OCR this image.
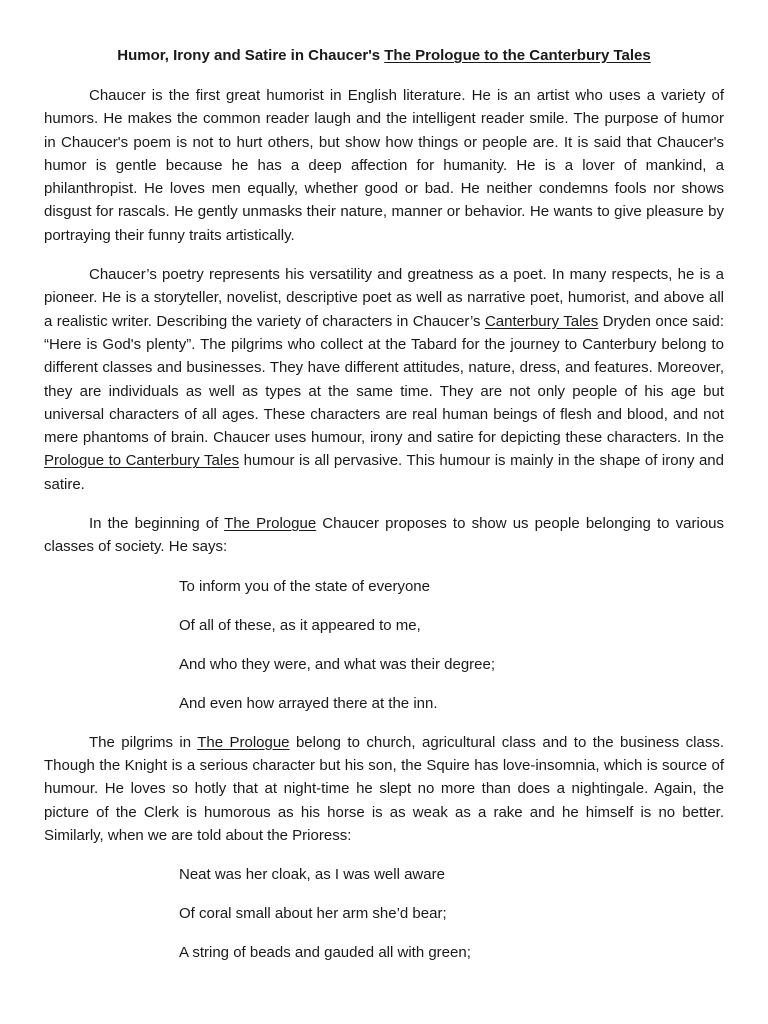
Humor, Irony and Satire in Chaucer's The Prologue to the Canterbury Tales

Chaucer is the first great humorist in English literature. He is an artist who uses a variety of humors. He makes the common reader laugh and the intelligent reader smile. The purpose of humor in Chaucer's poem is not to hurt others, but show how things or people are. It is said that Chaucer's humor is gentle because he has a deep affection for humanity. He is a lover of mankind, a philanthropist. He loves men equally, whether good or bad. He neither condemns fools nor shows disgust for rascals. He gently unmasks their nature, manner or behavior. He wants to give pleasure by portraying their funny traits artistically.

Chaucer’s poetry represents his versatility and greatness as a poet. In many respects, he is a pioneer. He is a storyteller, novelist, descriptive poet as well as narrative poet, humorist, and above all a realistic writer. Describing the variety of characters in Chaucer’s Canterbury Tales Dryden once said: “Here is God's plenty”. The pilgrims who collect at the Tabard for the journey to Canterbury belong to different classes and businesses. They have different attitudes, nature, dress, and features. Moreover, they are individuals as well as types at the same time. They are not only people of his age but universal characters of all ages. These characters are real human beings of flesh and blood, and not mere phantoms of brain. Chaucer uses humour, irony and satire for depicting these characters. In the Prologue to Canterbury Tales humour is all pervasive. This humour is mainly in the shape of irony and satire.

In the beginning of The Prologue Chaucer proposes to show us people belonging to various classes of society. He says:

To inform you of the state of everyone
Of all of these, as it appeared to me,
And who they were, and what was their degree;
And even how arrayed there at the inn.

The pilgrims in The Prologue belong to church, agricultural class and to the business class. Though the Knight is a serious character but his son, the Squire has love-insomnia, which is source of humour. He loves so hotly that at night-time he slept no more than does a nightingale. Again, the picture of the Clerk is humorous as his horse is as weak as a rake and he himself is no better. Similarly, when we are told about the Prioress:

Neat was her cloak, as I was well aware
Of coral small about her arm she’d bear;
A string of beads and gauded all with green;
